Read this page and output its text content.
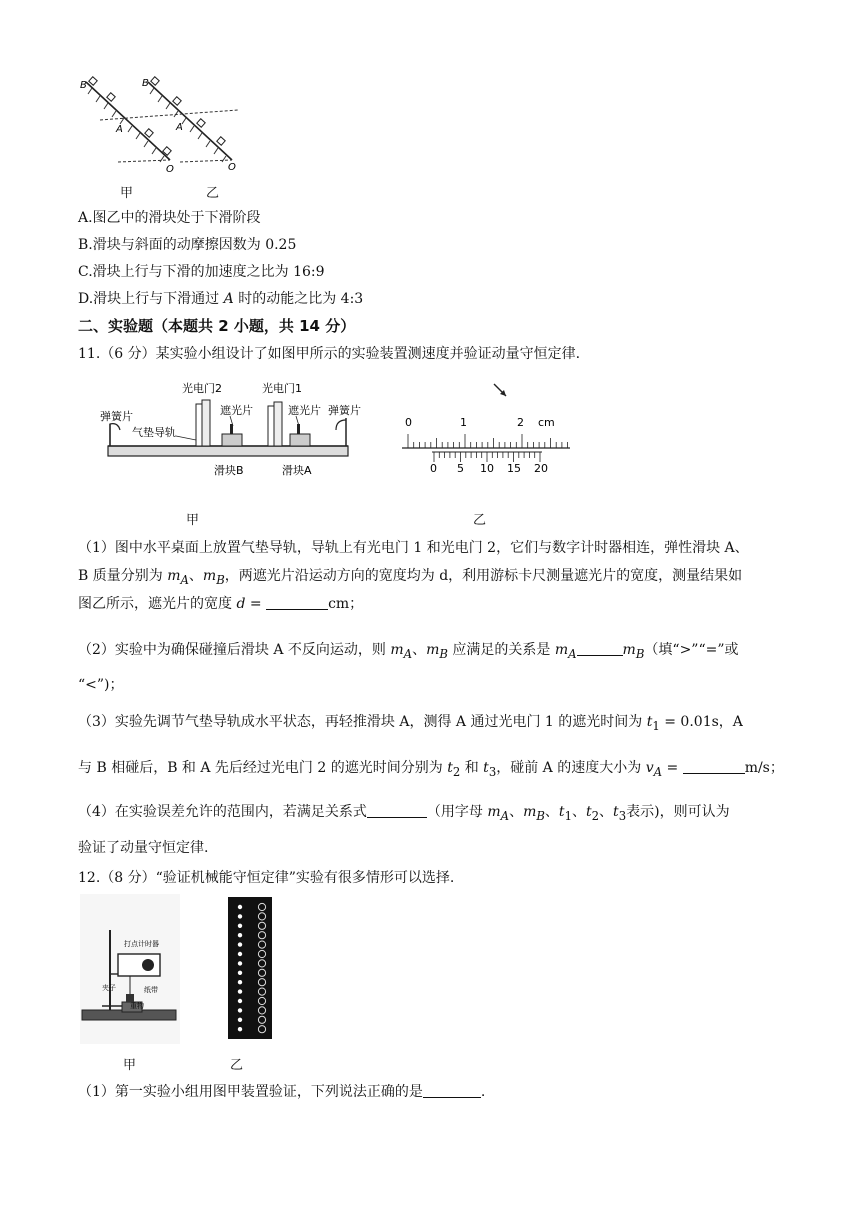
B	B
A	A
O	O
甲	乙
A.图乙中的滑块处于下滑阶段
B.滑块与斜面的动摩擦因数为 0.25
C.滑块上行与下滑的加速度之比为 16:9
D.滑块上行与下滑通过 A 时的动能之比为 4:3
二、实验题（本题共 2 小题，共 14 分）
11.（6 分）某实验小组设计了如图甲所示的实验装置测速度并验证动量守恒定律.
弹簧片
气垫导轨
光电门2	光电门1
遮光片	遮光片 弹簧片
滑块B	滑块A
甲
0	1	2 cm
0 5 10 15 20
乙
（1）图中水平桌面上放置气垫导轨，导轨上有光电门 1 和光电门 2，它们与数字计时器相连，弹性滑块 A、
B 质量分别为 $m_A$、$m_B$，两遮光片沿运动方向的宽度均为 d，利用游标卡尺测量遮光片的宽度，测量结果如
图乙所示，遮光片的宽度 d =	cm；
（2）实验中为确保碰撞后滑块 A 不反向运动，则 $m_A$、$m_B$ 应满足的关系是 $m_A$	$m_B$（填“>”“=”或
“<”)；
（3）实验先调节气垫导轨成水平状态，再轻推滑块 A，测得 A 通过光电门 1 的遮光时间为 $t_1 = 0.01s$，A
与 B 相碰后，B 和 A 先后经过光电门 2 的遮光时间分别为 $t_2$ 和 $t_3$，碰前 A 的速度大小为 $v_A$ =	m/s；
（4）在实验误差允许的范围内，若满足关系式	（用字母 $m_A$、$m_B$、$t_1$、$t_2$、$t_3$表示)，则可认为
验证了动量守恒定律.
12.（8 分）“验证机械能守恒定律”实验有很多情形可以选择.
打点计时器
夹子	纸带
重物
甲	乙
（1）第一实验小组用图甲装置验证，下列说法正确的是	.
